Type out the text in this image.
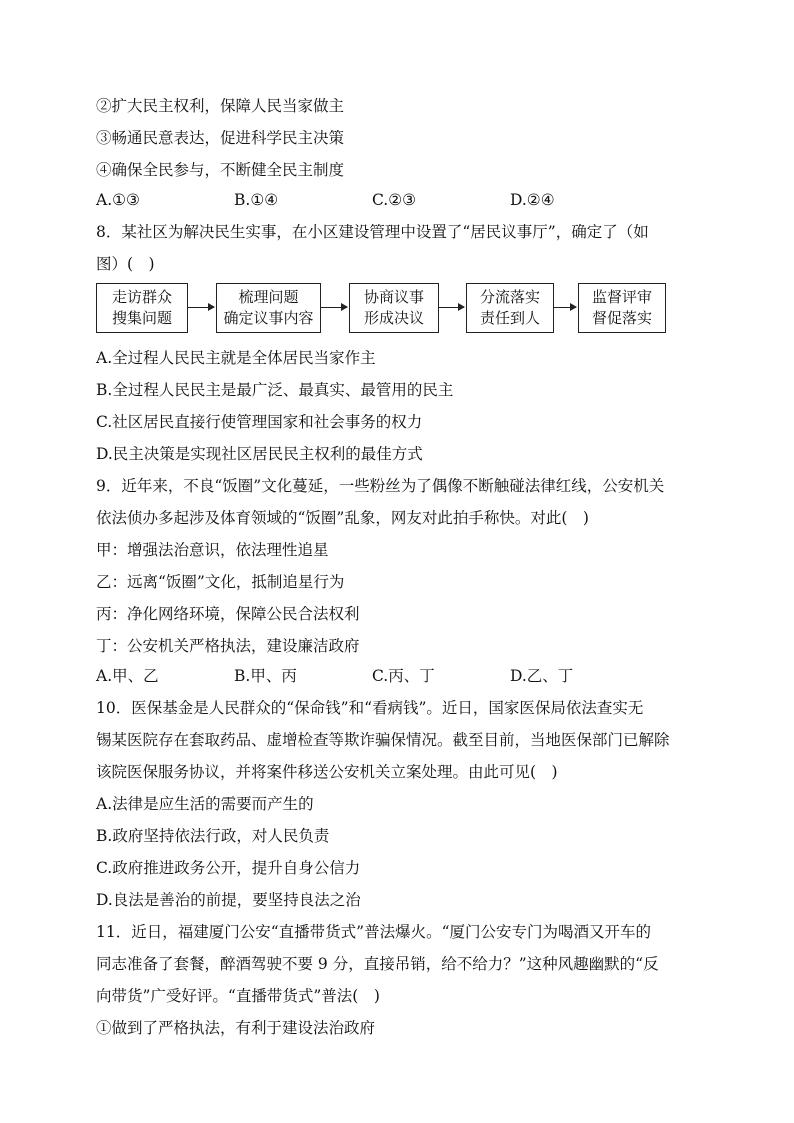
②扩大民主权利，保障人民当家做主
③畅通民意表达，促进科学民主决策
④确保全民参与，不断健全民主制度
A.①③	B.①④	C.②③	D.②④
8．某社区为解决民生实事，在小区建设管理中设置了“居民议事厅”，确定了（如
图）(  )
走访群众
搜集问题
梳理问题
确定议事内容
协商议事
形成决议
分流落实
责任到人
监督评审
督促落实
A.全过程人民民主就是全体居民当家作主
B.全过程人民民主是最广泛、最真实、最管用的民主
C.社区居民直接行使管理国家和社会事务的权力
D.民主决策是实现社区居民民主权利的最佳方式
9．近年来，不良“饭圈”文化蔓延，一些粉丝为了偶像不断触碰法律红线，公安机关
依法侦办多起涉及体育领域的“饭圈”乱象，网友对此拍手称快。对此(  )
甲：增强法治意识，依法理性追星
乙：远离“饭圈”文化，抵制追星行为
丙：净化网络环境，保障公民合法权利
丁：公安机关严格执法，建设廉洁政府
A.甲、乙	B.甲、丙	C.丙、丁	D.乙、丁
10．医保基金是人民群众的“保命钱”和“看病钱”。近日，国家医保局依法查实无
锡某医院存在套取药品、虚增检查等欺诈骗保情况。截至目前，当地医保部门已解除
该院医保服务协议，并将案件移送公安机关立案处理。由此可见(  )
A.法律是应生活的需要而产生的
B.政府坚持依法行政，对人民负责
C.政府推进政务公开，提升自身公信力
D.良法是善治的前提，要坚持良法之治
11．近日，福建厦门公安“直播带货式”普法爆火。“厦门公安专门为喝酒又开车的
同志准备了套餐，醉酒驾驶不要 9 分，直接吊销，给不给力？”这种风趣幽默的“反
向带货”广受好评。“直播带货式”普法(  )
①做到了严格执法，有利于建设法治政府
